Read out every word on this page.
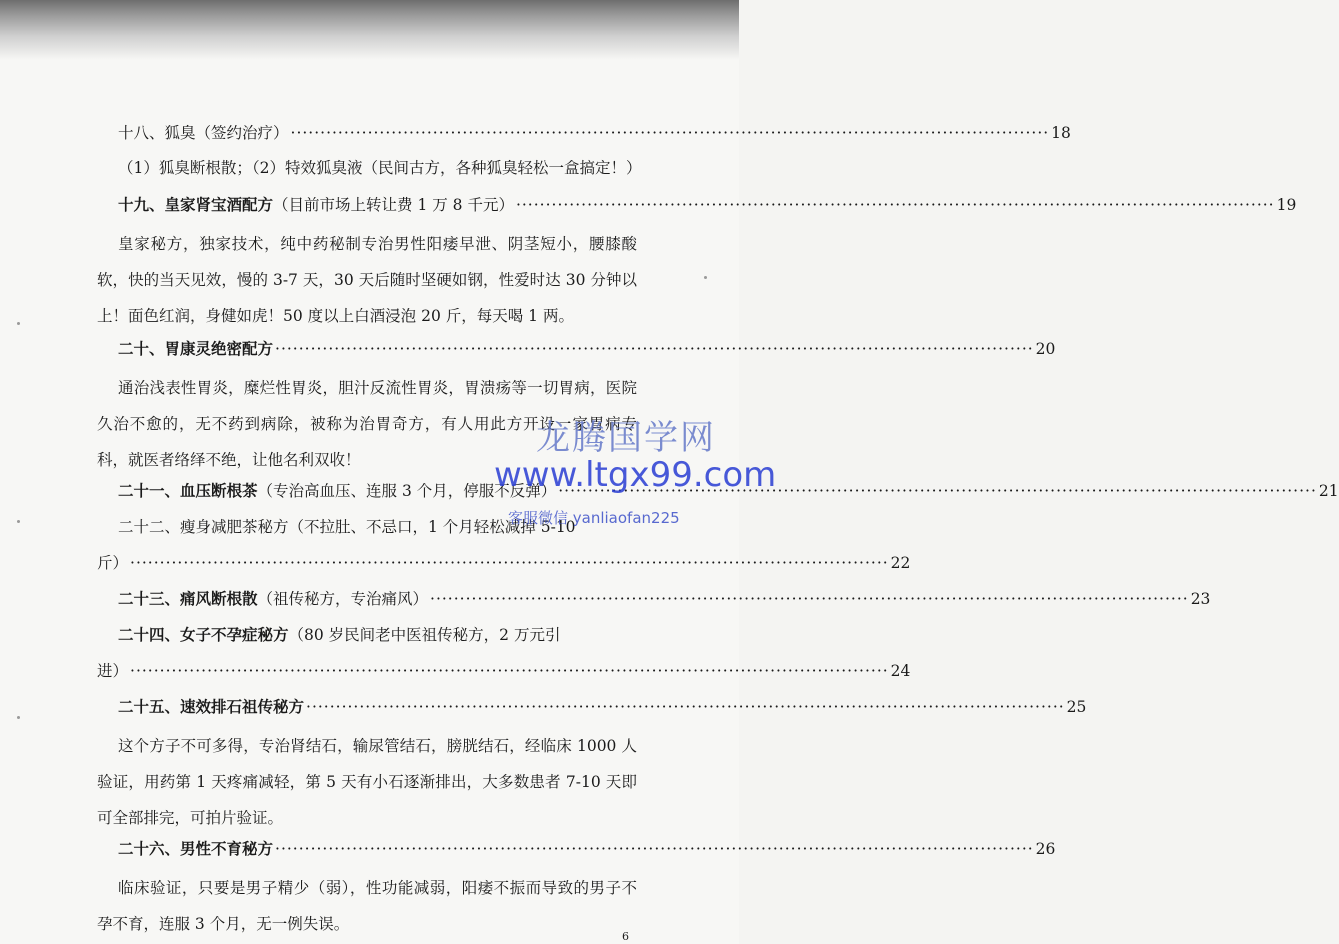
十八、狐臭（签约治疗） ·····	18
（1）狐臭断根散；（2）特效狐臭液（民间古方，各种狐臭轻松一盒搞定！）
十九、皇家肾宝酒配方 （目前市场上转让费 1 万 8 千元） ·····	19
皇家秘方，独家技术，纯中药秘制专治男性阳痿早泄、阴茎短小，腰膝酸软，快的当天见效，慢的 3-7 天，30 天后随时坚硬如钢，性爱时达 30 分钟以上！面色红润，身健如虎！50 度以上白酒浸泡 20 斤，每天喝 1 两。
二十、胃康灵绝密配方 ·····	20
通治浅表性胃炎，糜烂性胃炎，胆汁反流性胃炎，胃溃疡等一切胃病，医院久治不愈的，无不药到病除，被称为治胃奇方，有人用此方开设一家胃病专科，就医者络绎不绝，让他名利双收！
二十一、血压断根茶 （专治高血压、连服 3 个月，停服不反弹） ·····	21
二十二、瘦身减肥茶秘方（不拉肚、不忌口，1 个月轻松减掉 5-10
斤） ·····	22
二十三、痛风断根散 （祖传秘方，专治痛风） ·····	23
二十四、女子不孕症秘方 （80 岁民间老中医祖传秘方，2 万元引
进） ·····	24
二十五、速效排石祖传秘方 ·····	25
这个方子不可多得，专治肾结石，输尿管结石，膀胱结石，经临床 1000 人验证，用药第 1 天疼痛减轻，第 5 天有小石逐渐排出，大多数患者 7-10 天即可全部排完，可拍片验证。
二十六、男性不育秘方 ·····	26
临床验证，只要是男子精少（弱），性功能减弱，阳痿不振而导致的男子不孕不育，连服 3 个月，无一例失误。
龙腾国学网
www.ltgx99.com
客服微信 yanliaofan225
6
